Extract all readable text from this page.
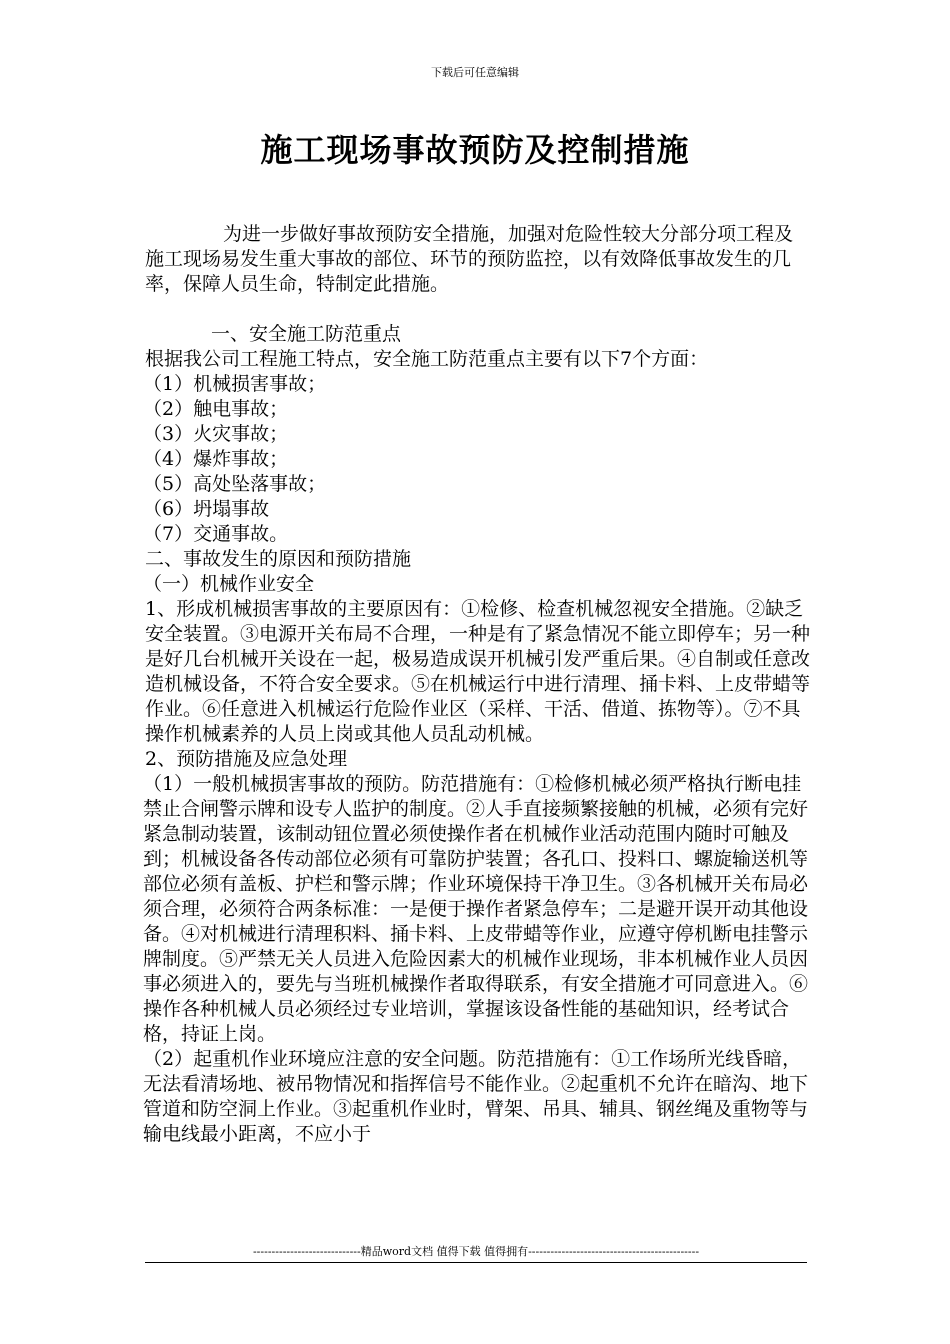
下载后可任意编辑
施工现场事故预防及控制措施

为进一步做好事故预防安全措施，加强对危险性较大分部分项工程及施工现场易发生重大事故的部位、环节的预防监控，以有效降低事故发生的几率，保障人员生命，特制定此措施。

一、安全施工防范重点

根据我公司工程施工特点，安全施工防范重点主要有以下7个方面：

（1）机械损害事故；

（2）触电事故；

（3）火灾事故；

（4）爆炸事故；

（5）高处坠落事故；

（6）坍塌事故

（7）交通事故。

二、事故发生的原因和预防措施

（一）机械作业安全

1、形成机械损害事故的主要原因有：①检修、检查机械忽视安全措施。②缺乏安全装置。③电源开关布局不合理，一种是有了紧急情况不能立即停车；另一种是好几台机械开关设在一起，极易造成误开机械引发严重后果。④自制或任意改造机械设备，不符合安全要求。⑤在机械运行中进行清理、捅卡料、上皮带蜡等作业。⑥任意进入机械运行危险作业区（采样、干活、借道、拣物等）。⑦不具操作机械素养的人员上岗或其他人员乱动机械。

2、预防措施及应急处理

（1）一般机械损害事故的预防。防范措施有：①检修机械必须严格执行断电挂禁止合闸警示牌和设专人监护的制度。②人手直接频繁接触的机械，必须有完好紧急制动装置，该制动钮位置必须使操作者在机械作业活动范围内随时可触及到；机械设备各传动部位必须有可靠防护装置；各孔口、投料口、螺旋输送机等部位必须有盖板、护栏和警示牌；作业环境保持干净卫生。③各机械开关布局必须合理，必须符合两条标准：一是便于操作者紧急停车；二是避开误开动其他设备。④对机械进行清理积料、捅卡料、上皮带蜡等作业，应遵守停机断电挂警示牌制度。⑤严禁无关人员进入危险因素大的机械作业现场，非本机械作业人员因事必须进入的，要先与当班机械操作者取得联系，有安全措施才可同意进入。⑥操作各种机械人员必须经过专业培训，掌握该设备性能的基础知识，经考试合格，持证上岗。

（2）起重机作业环境应注意的安全问题。防范措施有：①工作场所光线昏暗，无法看清场地、被吊物情况和指挥信号不能作业。②起重机不允许在暗沟、地下管道和防空洞上作业。③起重机作业时，臂架、吊具、辅具、钢丝绳及重物等与输电线最小距离，不应小于

-----------------------------精品word文档 值得下载 值得拥有----------------------------------------------
